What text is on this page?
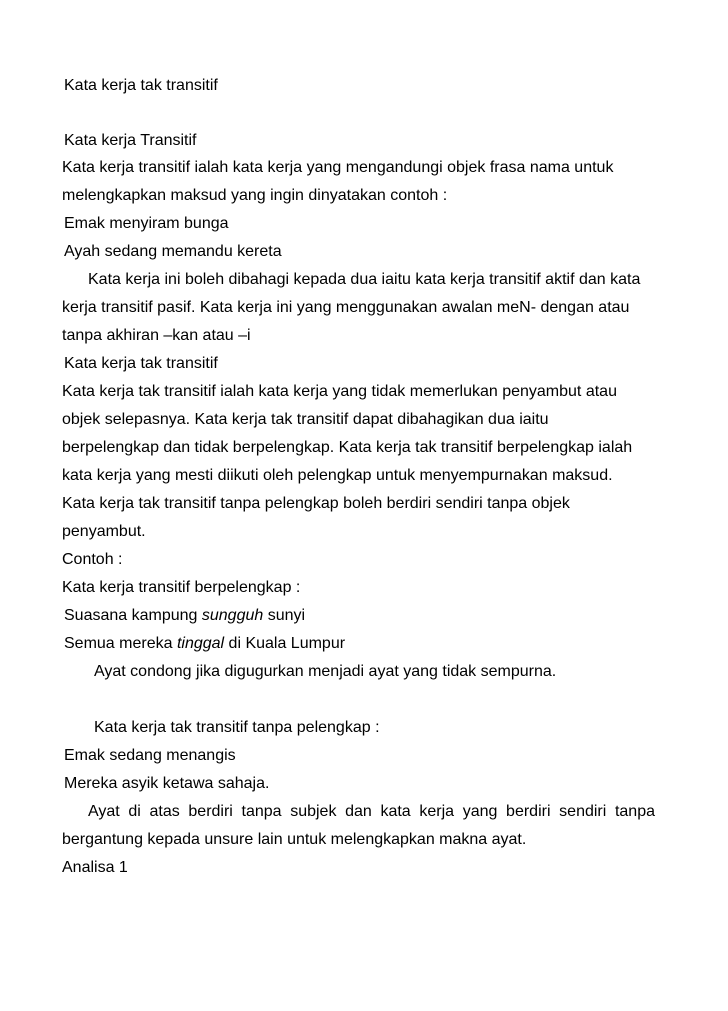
Kata kerja tak transitif
Kata kerja Transitif
Kata kerja transitif ialah kata kerja yang mengandungi objek frasa nama untuk
melengkapkan maksud yang ingin dinyatakan contoh :
Emak menyiram bunga
Ayah sedang memandu kereta
Kata kerja ini boleh dibahagi kepada dua iaitu kata kerja transitif aktif dan kata
kerja transitif pasif. Kata kerja ini yang menggunakan awalan meN- dengan atau
tanpa akhiran –kan atau –i
Kata kerja tak transitif
Kata kerja tak transitif ialah kata kerja yang tidak memerlukan penyambut atau
objek selepasnya. Kata kerja tak transitif dapat dibahagikan dua iaitu
berpelengkap dan tidak berpelengkap. Kata kerja tak transitif berpelengkap ialah
kata kerja yang mesti diikuti oleh pelengkap untuk menyempurnakan maksud.
Kata kerja tak transitif tanpa pelengkap boleh berdiri sendiri tanpa objek
penyambut.
Contoh :
Kata kerja transitif berpelengkap :
Suasana kampung sungguh sunyi
Semua mereka tinggal di Kuala Lumpur
Ayat condong jika digugurkan menjadi ayat yang tidak sempurna.
Kata kerja tak transitif tanpa pelengkap :
Emak sedang menangis
Mereka asyik ketawa sahaja.
Ayat di atas berdiri tanpa subjek dan kata kerja yang berdiri sendiri tanpa
bergantung kepada unsure lain untuk melengkapkan makna ayat.
Analisa 1
